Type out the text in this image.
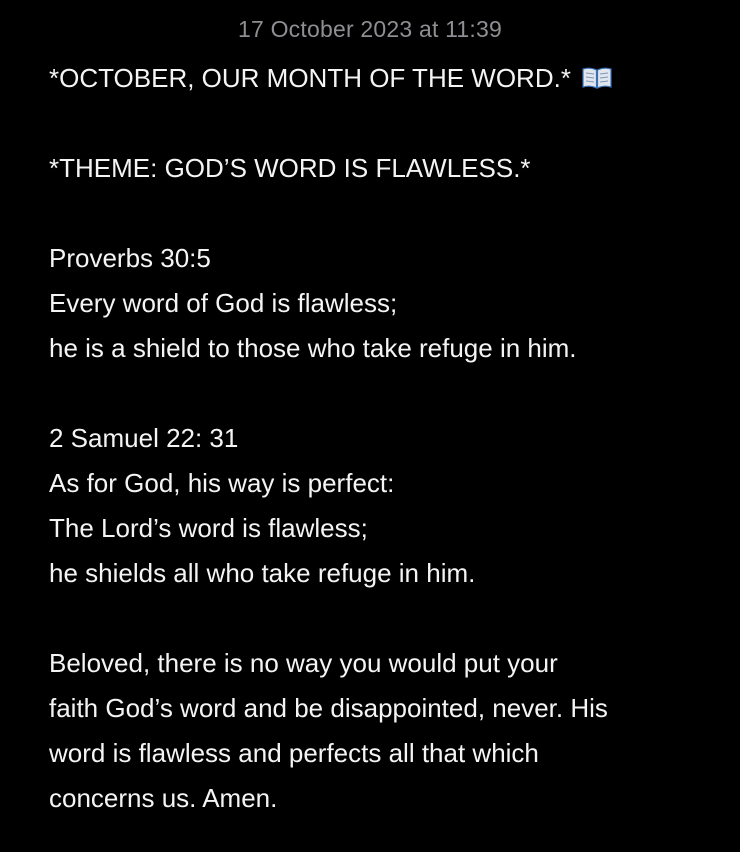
17 October 2023 at 11:39
*OCTOBER, OUR MONTH OF THE WORD.*
*THEME: GOD’S WORD IS FLAWLESS.*
Proverbs 30:5
Every word of God is flawless;
he is a shield to those who take refuge in him.
2 Samuel 22: 31
As for God, his way is perfect:
The Lord’s word is flawless;
he shields all who take refuge in him.
Beloved, there is no way you would put your
faith God’s word and be disappointed, never. His
word is flawless and perfects all that which
concerns us. Amen.
